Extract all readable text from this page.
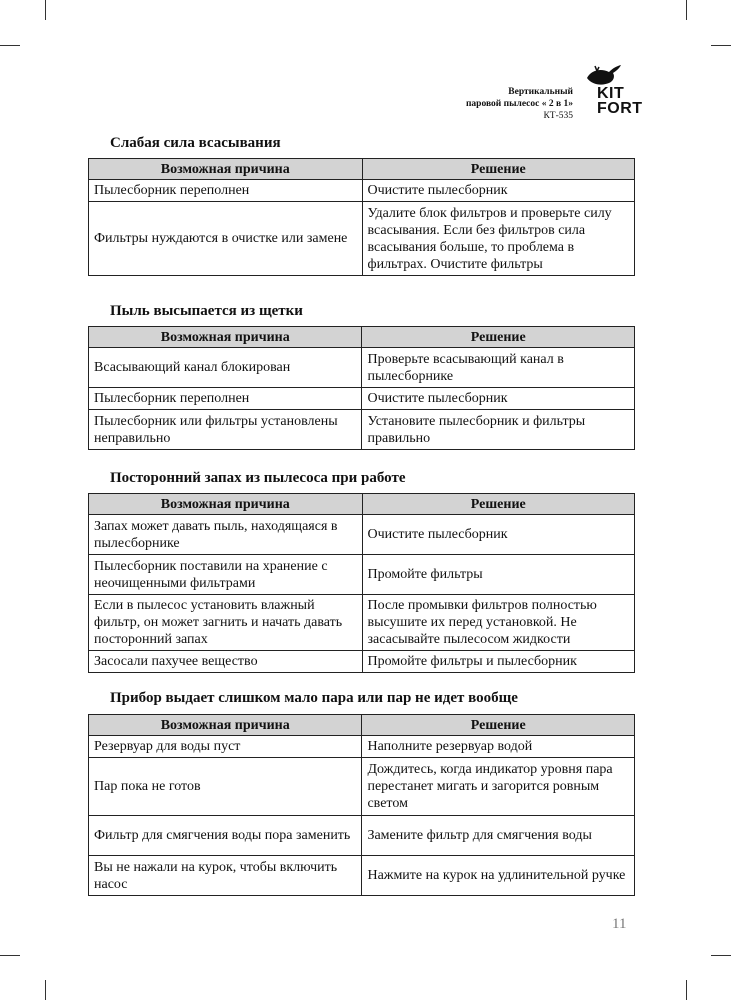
Вертикальный
паровой пылесос « 2 в 1»
КТ-535
KIT
FORT
Слабая сила всасывания
Возможная причина	Решение
Пылесборник переполнен	Очистите пылесборник
Фильтры нуждаются в очистке или замене	Удалите блок фильтров и проверьте силу всасывания. Если без фильтров сила всасывания больше, то проблема в фильтрах. Очистите фильтры
Пыль высыпается из щетки
Возможная причина	Решение
Всасывающий канал блокирован	Проверьте всасывающий канал в пылесборнике
Пылесборник переполнен	Очистите пылесборник
Пылесборник или фильтры установлены неправильно	Установите пылесборник и фильтры правильно
Посторонний запах из пылесоса при работе
Возможная причина	Решение
Запах может давать пыль, находящаяся в пылесборнике	Очистите пылесборник
Пылесборник поставили на хранение с неочищенными фильтрами	Промойте фильтры
Если в пылесос установить влажный фильтр, он может загнить и начать давать посторонний запах	После промывки фильтров полностью высушите их перед установкой. Не засасывайте пылесосом жидкости
Засосали пахучее вещество	Промойте фильтры и пылесборник
Прибор выдает слишком мало пара или пар не идет вообще
Возможная причина	Решение
Резервуар для воды пуст	Наполните резервуар водой
Пар пока не готов	Дождитесь, когда индикатор уровня пара перестанет мигать и загорится ровным светом
Фильтр для смягчения воды пора заменить	Замените фильтр для смягчения воды
Вы не нажали на курок, чтобы включить насос	Нажмите на курок на удлинительной ручке
11
